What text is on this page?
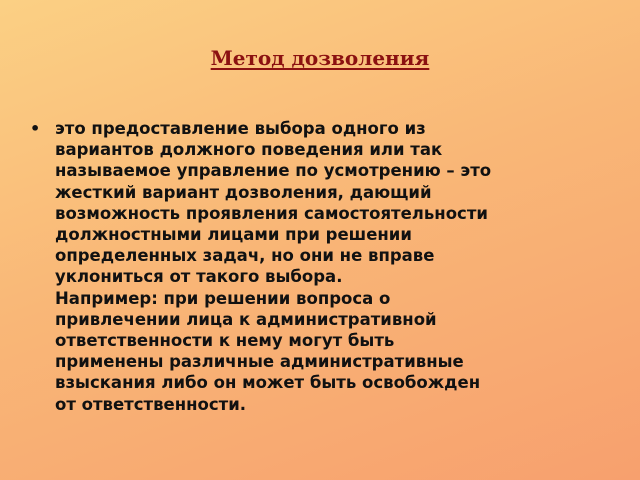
Метод дозволения
• это предоставление выбора одного из
вариантов должного поведения или так
называемое управление по усмотрению – это
жесткий вариант дозволения, дающий
возможность проявления самостоятельности
должностными лицами при решении
определенных задач, но они не вправе
уклониться от такого выбора.
Например: при решении вопроса о
привлечении лица к административной
ответственности к нему могут быть
применены различные административные
взыскания либо он может быть освобожден
от ответственности.
